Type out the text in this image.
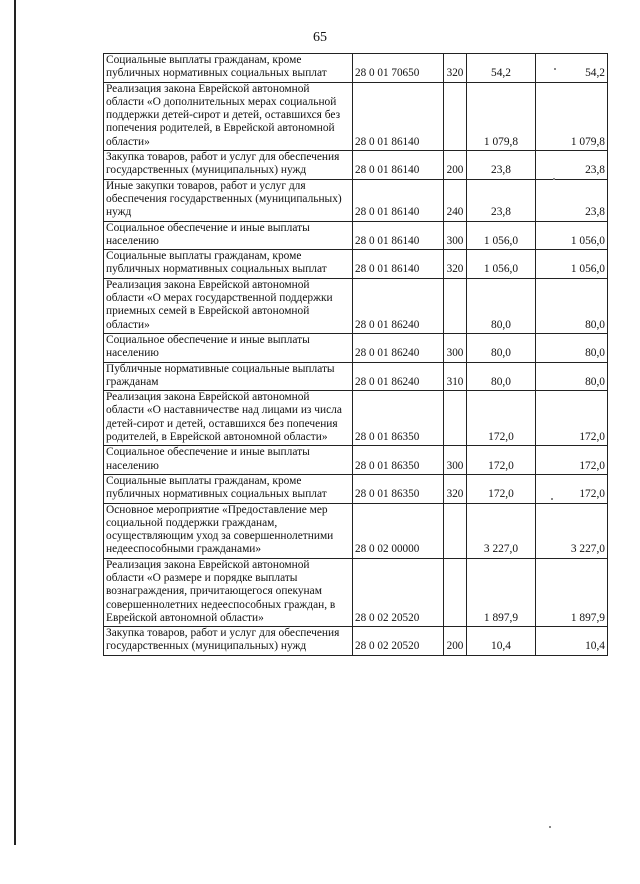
65
Социальные выплаты гражданам, кроме публичных нормативных социальных выплат	28 0 01 70650	320	54,2	54,2
Реализация закона Еврейской автономной области «О дополнительных мерах социальной поддержки детей-сирот и детей, оставшихся без попечения родителей, в Еврейской автономной области»	28 0 01 86140		1 079,8	1 079,8
Закупка товаров, работ и услуг для обеспечения государственных (муниципальных) нужд	28 0 01 86140	200	23,8	23,8
Иные закупки товаров, работ и услуг для обеспечения государственных (муниципальных) нужд	28 0 01 86140	240	23,8	23,8
Социальное обеспечение и иные выплаты населению	28 0 01 86140	300	1 056,0	1 056,0
Социальные выплаты гражданам, кроме публичных нормативных социальных выплат	28 0 01 86140	320	1 056,0	1 056,0
Реализация закона Еврейской автономной области «О мерах государственной поддержки приемных семей в Еврейской автономной области»	28 0 01 86240		80,0	80,0
Социальное обеспечение и иные выплаты населению	28 0 01 86240	300	80,0	80,0
Публичные нормативные социальные выплаты гражданам	28 0 01 86240	310	80,0	80,0
Реализация закона Еврейской автономной области «О наставничестве над лицами из числа детей-сирот и детей, оставшихся без попечения родителей, в Еврейской автономной области»	28 0 01 86350		172,0	172,0
Социальное обеспечение и иные выплаты населению	28 0 01 86350	300	172,0	172,0
Социальные выплаты гражданам, кроме публичных нормативных социальных выплат	28 0 01 86350	320	172,0	172,0
Основное мероприятие «Предоставление мер социальной поддержки гражданам, осуществляющим уход за совершеннолетними недееспособными гражданами»	28 0 02 00000		3 227,0	3 227,0
Реализация закона Еврейской автономной области «О размере и порядке выплаты вознаграждения, причитающегося опекунам совершеннолетних недееспособных граждан, в Еврейской автономной области»	28 0 02 20520		1 897,9	1 897,9
Закупка товаров, работ и услуг для обеспечения государственных (муниципальных) нужд	28 0 02 20520	200	10,4	10,4
